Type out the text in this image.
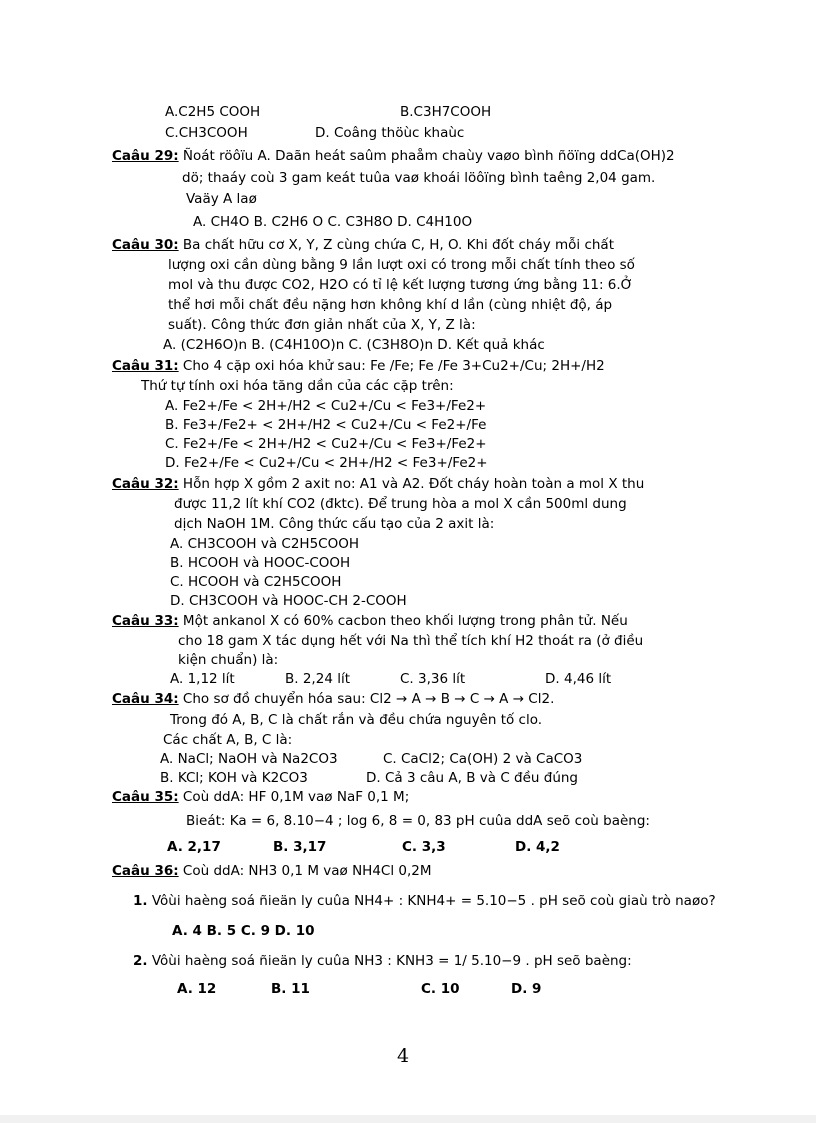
A.C2H5 COOH	B.C3H7COOH
C.CH3COOH	D. Coâng thöùc khaùc
Caâu 29: Ñoát röôïu A. Daãn heát saûm phaåm chaùy vaøo bình ñöïng ddCa(OH)2
dö; thaáy coù 3 gam keát tuûa vaø khoái löôïng bình taêng 2,04 gam.
Vaäy A laø
A. CH4O B. C2H6 O C. C3H8O D. C4H10O
Caâu 30: Ba chất hữu cơ X, Y, Z cùng chứa C, H, O. Khi đốt cháy mỗi chất
lượng oxi cần dùng bằng 9 lần lượt oxi có trong mỗi chất tính theo số
mol và thu được CO2, H2O có tỉ lệ kết lượng tương ứng bằng 11: 6.Ở
thể hơi mỗi chất đều nặng hơn không khí d lần (cùng nhiệt độ, áp
suất). Công thức đơn giản nhất của X, Y, Z là:
A. (C2H6O)n B. (C4H10O)n C. (C3H8O)n D. Kết quả khác
Caâu 31: Cho 4 cặp oxi hóa khử sau: Fe /Fe; Fe /Fe 3+Cu2+/Cu; 2H+/H2
Thứ tự tính oxi hóa tăng dần của các cặp trên:
A. Fe2+/Fe < 2H+/H2 < Cu2+/Cu < Fe3+/Fe2+
B. Fe3+/Fe2+ < 2H+/H2 < Cu2+/Cu < Fe2+/Fe
C. Fe2+/Fe < 2H+/H2 < Cu2+/Cu < Fe3+/Fe2+
D. Fe2+/Fe < Cu2+/Cu < 2H+/H2 < Fe3+/Fe2+
Caâu 32: Hỗn hợp X gồm 2 axit no: A1 và A2. Đốt cháy hoàn toàn a mol X thu
được 11,2 lít khí CO2 (đktc). Để trung hòa a mol X cần 500ml dung
dịch NaOH 1M. Công thức cấu tạo của 2 axit là:
A. CH3COOH và C2H5COOH
B. HCOOH và HOOC-COOH
C. HCOOH và C2H5COOH
D. CH3COOH và HOOC-CH 2-COOH
Caâu 33: Một ankanol X có 60% cacbon theo khối lượng trong phân tử. Nếu
cho 18 gam X tác dụng hết với Na thì thể tích khí H2 thoát ra (ở điều
kiện chuẩn) là:
A. 1,12 lít	B. 2,24 lít	C. 3,36 lít	D. 4,46 lít
Caâu 34: Cho sơ đồ chuyển hóa sau: Cl2 → A → B → C → A → Cl2.
Trong đó A, B, C là chất rắn và đều chứa nguyên tố clo.
Các chất A, B, C là:
A. NaCl; NaOH và Na2CO3	C. CaCl2; Ca(OH) 2 và CaCO3
B. KCl; KOH và K2CO3	D. Cả 3 câu A, B và C đều đúng
Caâu 35: Coù ddA: HF 0,1M vaø NaF 0,1 M;
Bieát: Ka = 6, 8.10−4 ; log 6, 8 = 0, 83 pH cuûa ddA seõ coù baèng:
A. 2,17	B. 3,17	C. 3,3	D. 4,2
Caâu 36: Coù ddA: NH3 0,1 M vaø NH4Cl 0,2M
1. Vôùi haèng soá ñieän ly cuûa NH4+ : KNH4+ = 5.10−5 . pH seõ coù giaù trò naøo?
A. 4 B. 5 C. 9 D. 10
2. Vôùi haèng soá ñieän ly cuûa NH3 : KNH3 = 1/ 5.10−9 . pH seõ baèng:
A. 12	B. 11	C. 10	D. 9
4
